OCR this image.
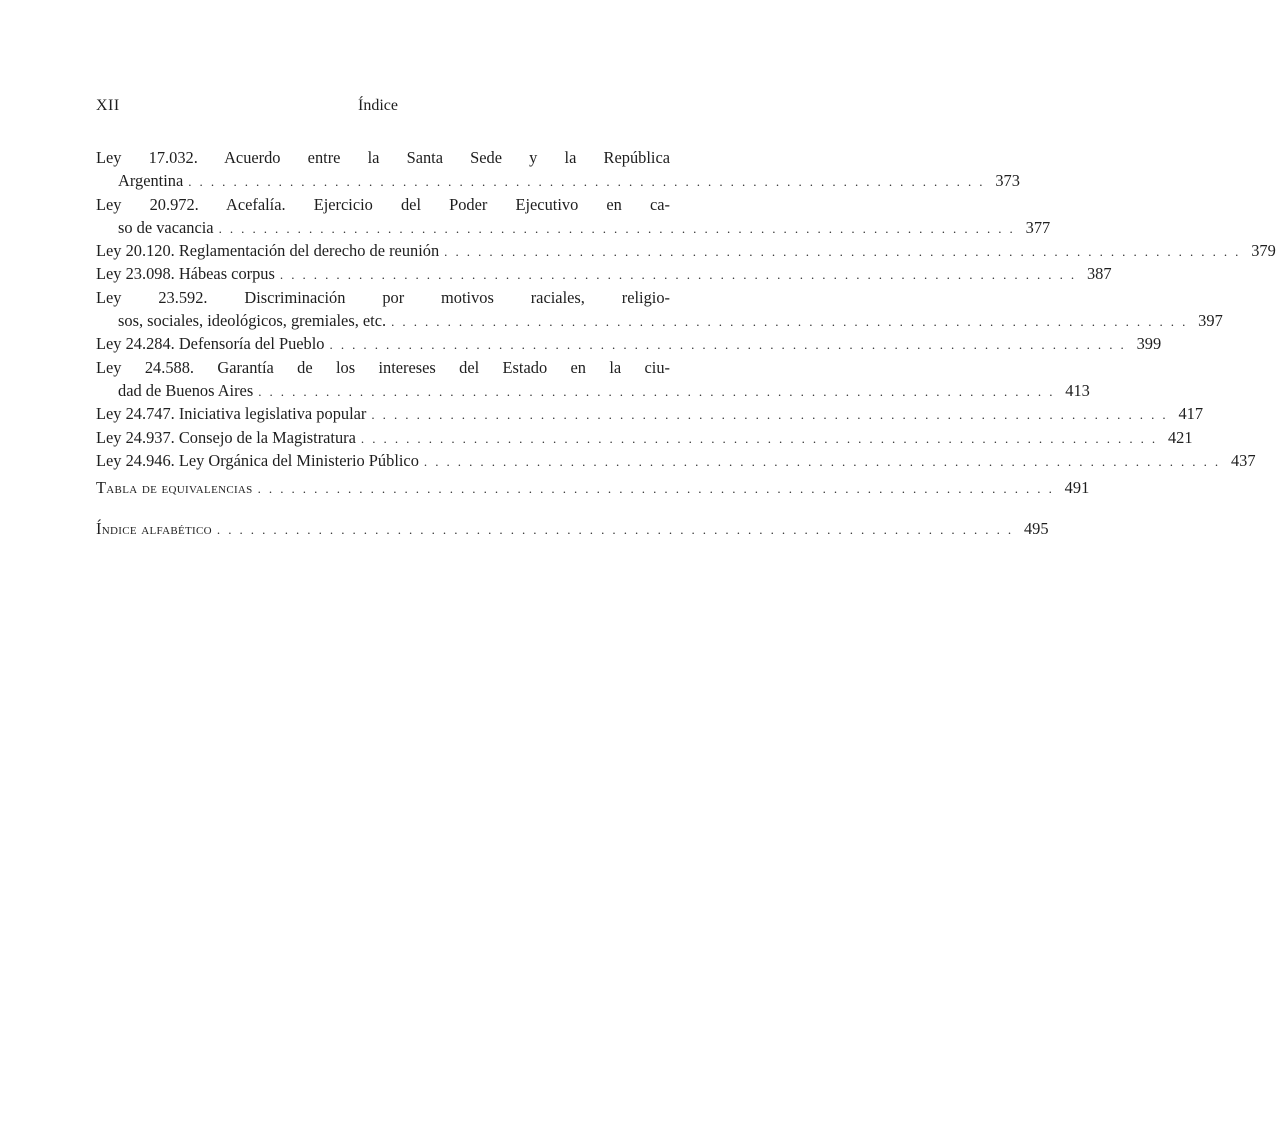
XII	Índice
Ley 17.032. Acuerdo entre la Santa Sede y la República
Argentina . . . . . . . . . . . . . . . . . . . . . . . . . . . . . . . . . . . . . . . . . . . . . . . . . . . . . . . . . . . . . . . . . . . . . . . 373
Ley 20.972. Acefalía. Ejercicio del Poder Ejecutivo en ca-
so de vacancia . . . . . . . . . . . . . . . . . . . . . . . . . . . . . . . . . . . . . . . . . . . . . . . . . . . . . . . . . . . . . . . . . . . . . . . 377
Ley 20.120. Reglamentación del derecho de reunión . . . . . . . . . . . . . . . . . . . . . . . . . . . . . . . . . . . . . . . . . . . . . . . . . . . . . . . . . . . . . . . . . . . . . . . 379
Ley 23.098. Hábeas corpus . . . . . . . . . . . . . . . . . . . . . . . . . . . . . . . . . . . . . . . . . . . . . . . . . . . . . . . . . . . . . . . . . . . . . . . 387
Ley 23.592. Discriminación por motivos raciales, religio-
sos, sociales, ideológicos, gremiales, etc. . . . . . . . . . . . . . . . . . . . . . . . . . . . . . . . . . . . . . . . . . . . . . . . . . . . . . . . . . . . . . . . . . . . . . . . 397
Ley 24.284. Defensoría del Pueblo . . . . . . . . . . . . . . . . . . . . . . . . . . . . . . . . . . . . . . . . . . . . . . . . . . . . . . . . . . . . . . . . . . . . . . . 399
Ley 24.588. Garantía de los intereses del Estado en la ciu-
dad de Buenos Aires . . . . . . . . . . . . . . . . . . . . . . . . . . . . . . . . . . . . . . . . . . . . . . . . . . . . . . . . . . . . . . . . . . . . . . . 413
Ley 24.747. Iniciativa legislativa popular . . . . . . . . . . . . . . . . . . . . . . . . . . . . . . . . . . . . . . . . . . . . . . . . . . . . . . . . . . . . . . . . . . . . . . . 417
Ley 24.937. Consejo de la Magistratura . . . . . . . . . . . . . . . . . . . . . . . . . . . . . . . . . . . . . . . . . . . . . . . . . . . . . . . . . . . . . . . . . . . . . . . 421
Ley 24.946. Ley Orgánica del Ministerio Público . . . . . . . . . . . . . . . . . . . . . . . . . . . . . . . . . . . . . . . . . . . . . . . . . . . . . . . . . . . . . . . . . . . . . . . 437
Tabla de equivalencias . . . . . . . . . . . . . . . . . . . . . . . . . . . . . . . . . . . . . . . . . . . . . . . . . . . . . . . . . . . . . . . . . . . . . . . 491
Índice alfabético . . . . . . . . . . . . . . . . . . . . . . . . . . . . . . . . . . . . . . . . . . . . . . . . . . . . . . . . . . . . . . . . . . . . . . . 495
